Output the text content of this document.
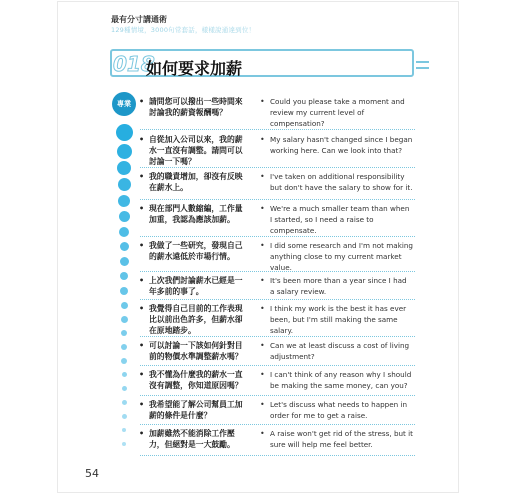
最有分寸講通術
129種情境，3000句常套話，樣樣說通達到位！
018
如何要求加薪
專業	• 請問您可以撥出一些時間來討論我的薪資報酬嗎？
• Could you please take a moment and review my current level of compensation?
• 自從加入公司以來，我的薪水一直沒有調整。請問可以討論一下嗎？
• My salary hasn't changed since I began working here. Can we look into that?
• 我的職責增加，卻沒有反映在薪水上。
• I've taken on additional responsibility but don't have the salary to show for it.
• 現在部門人數縮編，工作量加重，我認為應該加薪。
• We're a much smaller team than when I started, so I need a raise to compensate.
• 我做了一些研究，發現自己的薪水遠低於市場行情。
• I did some research and I'm not making anything close to my current market value.
• 上次我們討論薪水已經是一年多前的事了。
• It's been more than a year since I had a salary review.
• 我覺得自己目前的工作表現比以前出色許多，但薪水卻在原地踏步。
• I think my work is the best it has ever been, but I'm still making the same salary.
• 可以討論一下該如何針對目前的物價水準調整薪水嗎？
• Can we at least discuss a cost of living adjustment?
• 我不懂為什麼我的薪水一直沒有調整，你知道原因嗎？
• I can't think of any reason why I should be making the same money, can you?
• 我希望能了解公司幫員工加薪的條件是什麼？
• Let's discuss what needs to happen in order for me to get a raise.
• 加薪雖然不能消除工作壓力，但絕對是一大鼓勵。
• A raise won't get rid of the stress, but it sure will help me feel better.
54
